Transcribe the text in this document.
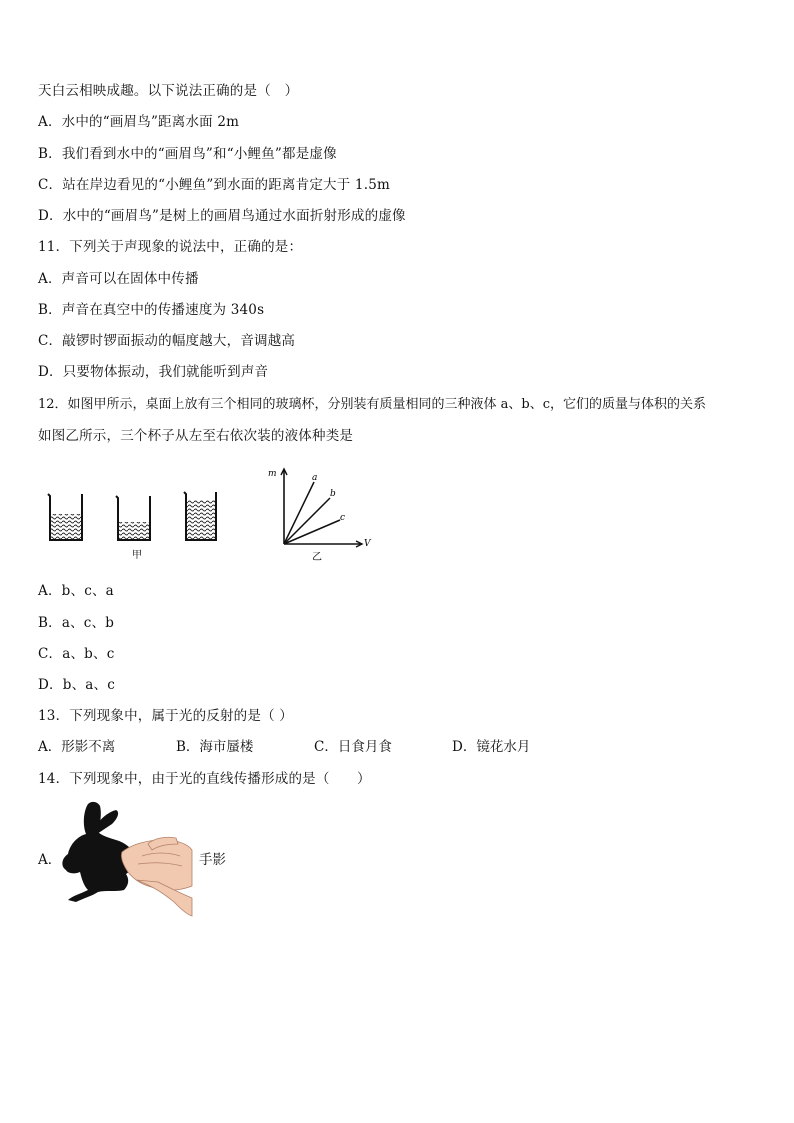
天白云相映成趣。以下说法正确的是（　）
A．水中的“画眉鸟”距离水面 2m
B．我们看到水中的“画眉鸟”和“小鲤鱼”都是虚像
C．站在岸边看见的“小鲤鱼”到水面的距离肯定大于 1.5m
D．水中的“画眉鸟”是树上的画眉鸟通过水面折射形成的虚像
11．下列关于声现象的说法中，正确的是：
A．声音可以在固体中传播
B．声音在真空中的传播速度为 340s
C．敲锣时锣面振动的幅度越大，音调越高
D．只要物体振动，我们就能听到声音
12．如图甲所示，桌面上放有三个相同的玻璃杯，分别装有质量相同的三种液体 a、b、c，它们的质量与体积的关系
如图乙所示，三个杯子从左至右依次装的液体种类是
甲
m
V
a
b
c
乙
A．b、c、a
B．a、c、b
C．a、b、c
D．b、a、c
13．下列现象中，属于光的反射的是（ ）
A．形影不离	B．海市蜃楼	C．日食月食	D．镜花水月
14．下列现象中，由于光的直线传播形成的是（　　）
A．	手影
